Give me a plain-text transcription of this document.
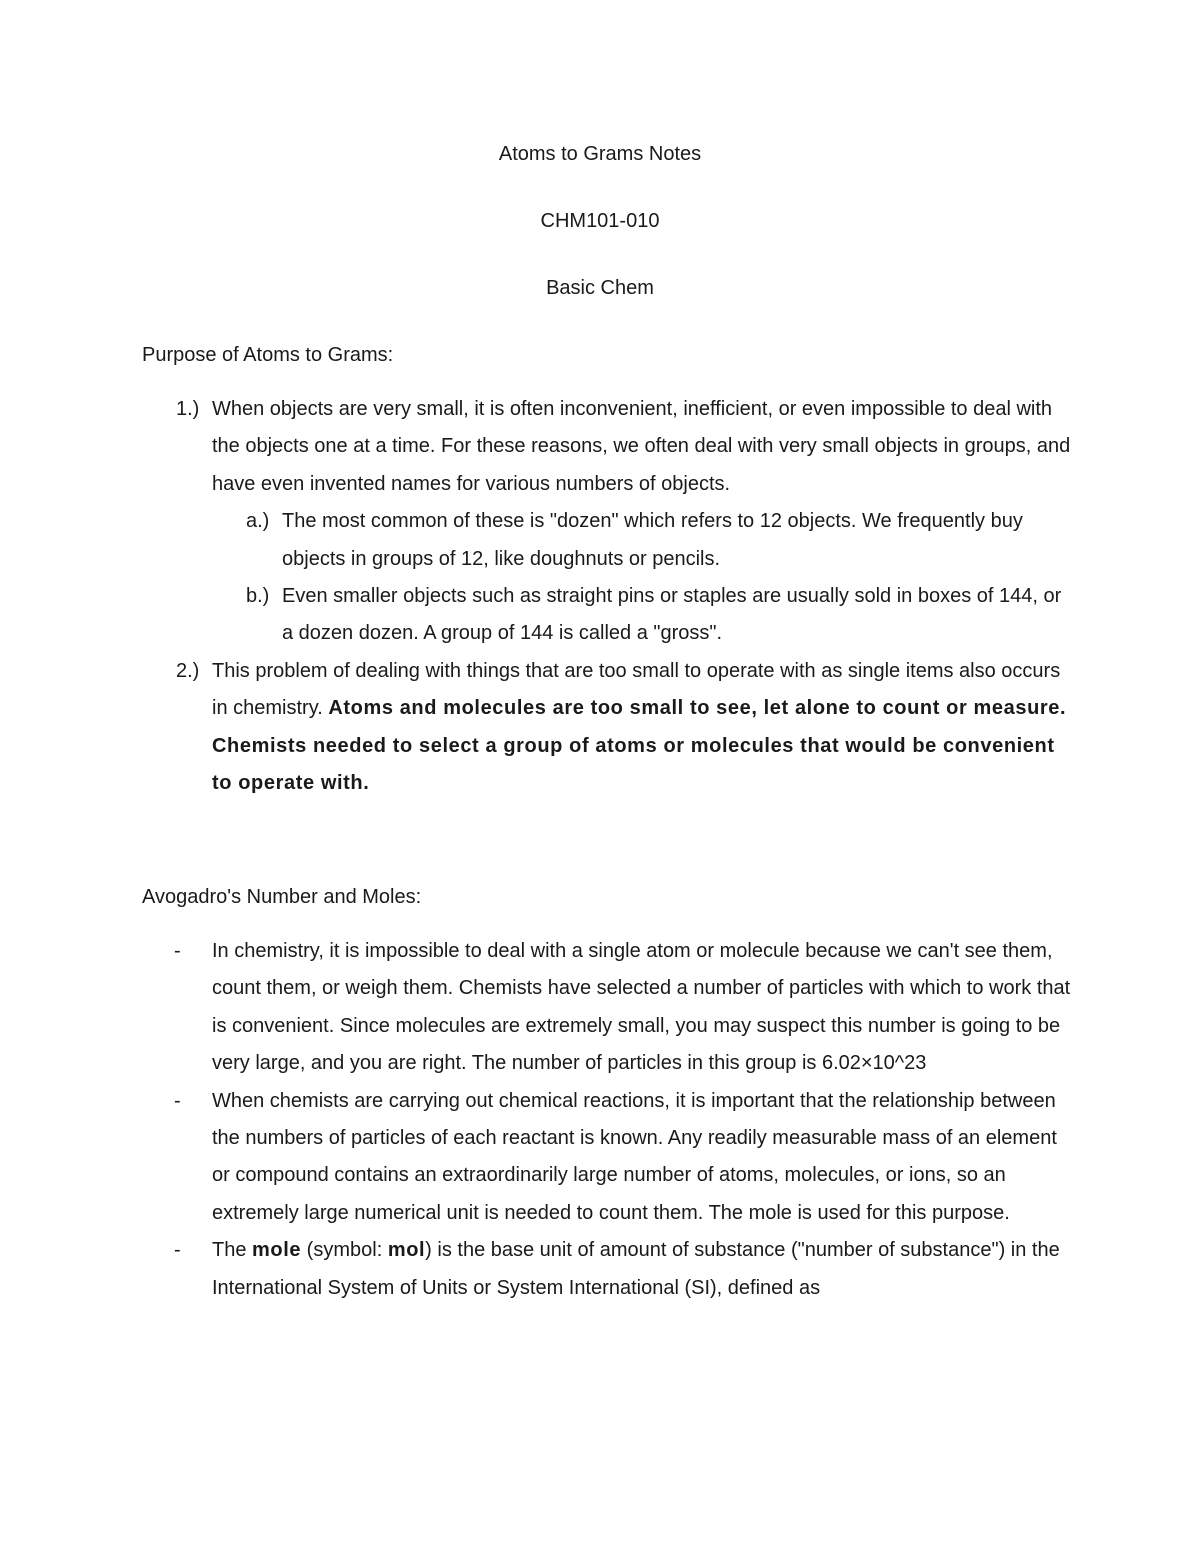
Atoms to Grams Notes
CHM101-010
Basic Chem
Purpose of Atoms to Grams:
1.) When objects are very small, it is often inconvenient, inefficient, or even impossible to deal with the objects one at a time. For these reasons, we often deal with very small objects in groups, and have even invented names for various numbers of objects.
a.) The most common of these is "dozen" which refers to 12 objects. We frequently buy objects in groups of 12, like doughnuts or pencils.
b.) Even smaller objects such as straight pins or staples are usually sold in boxes of 144, or a dozen dozen. A group of 144 is called a "gross".
2.) This problem of dealing with things that are too small to operate with as single items also occurs in chemistry. Atoms and molecules are too small to see, let alone to count or measure. Chemists needed to select a group of atoms or molecules that would be convenient to operate with.
Avogadro's Number and Moles:
- In chemistry, it is impossible to deal with a single atom or molecule because we can't see them, count them, or weigh them. Chemists have selected a number of particles with which to work that is convenient. Since molecules are extremely small, you may suspect this number is going to be very large, and you are right. The number of particles in this group is 6.02×10^23
- When chemists are carrying out chemical reactions, it is important that the relationship between the numbers of particles of each reactant is known. Any readily measurable mass of an element or compound contains an extraordinarily large number of atoms, molecules, or ions, so an extremely large numerical unit is needed to count them. The mole is used for this purpose.
- The mole (symbol: mol) is the base unit of amount of substance ("number of substance") in the International System of Units or System International (SI), defined as
